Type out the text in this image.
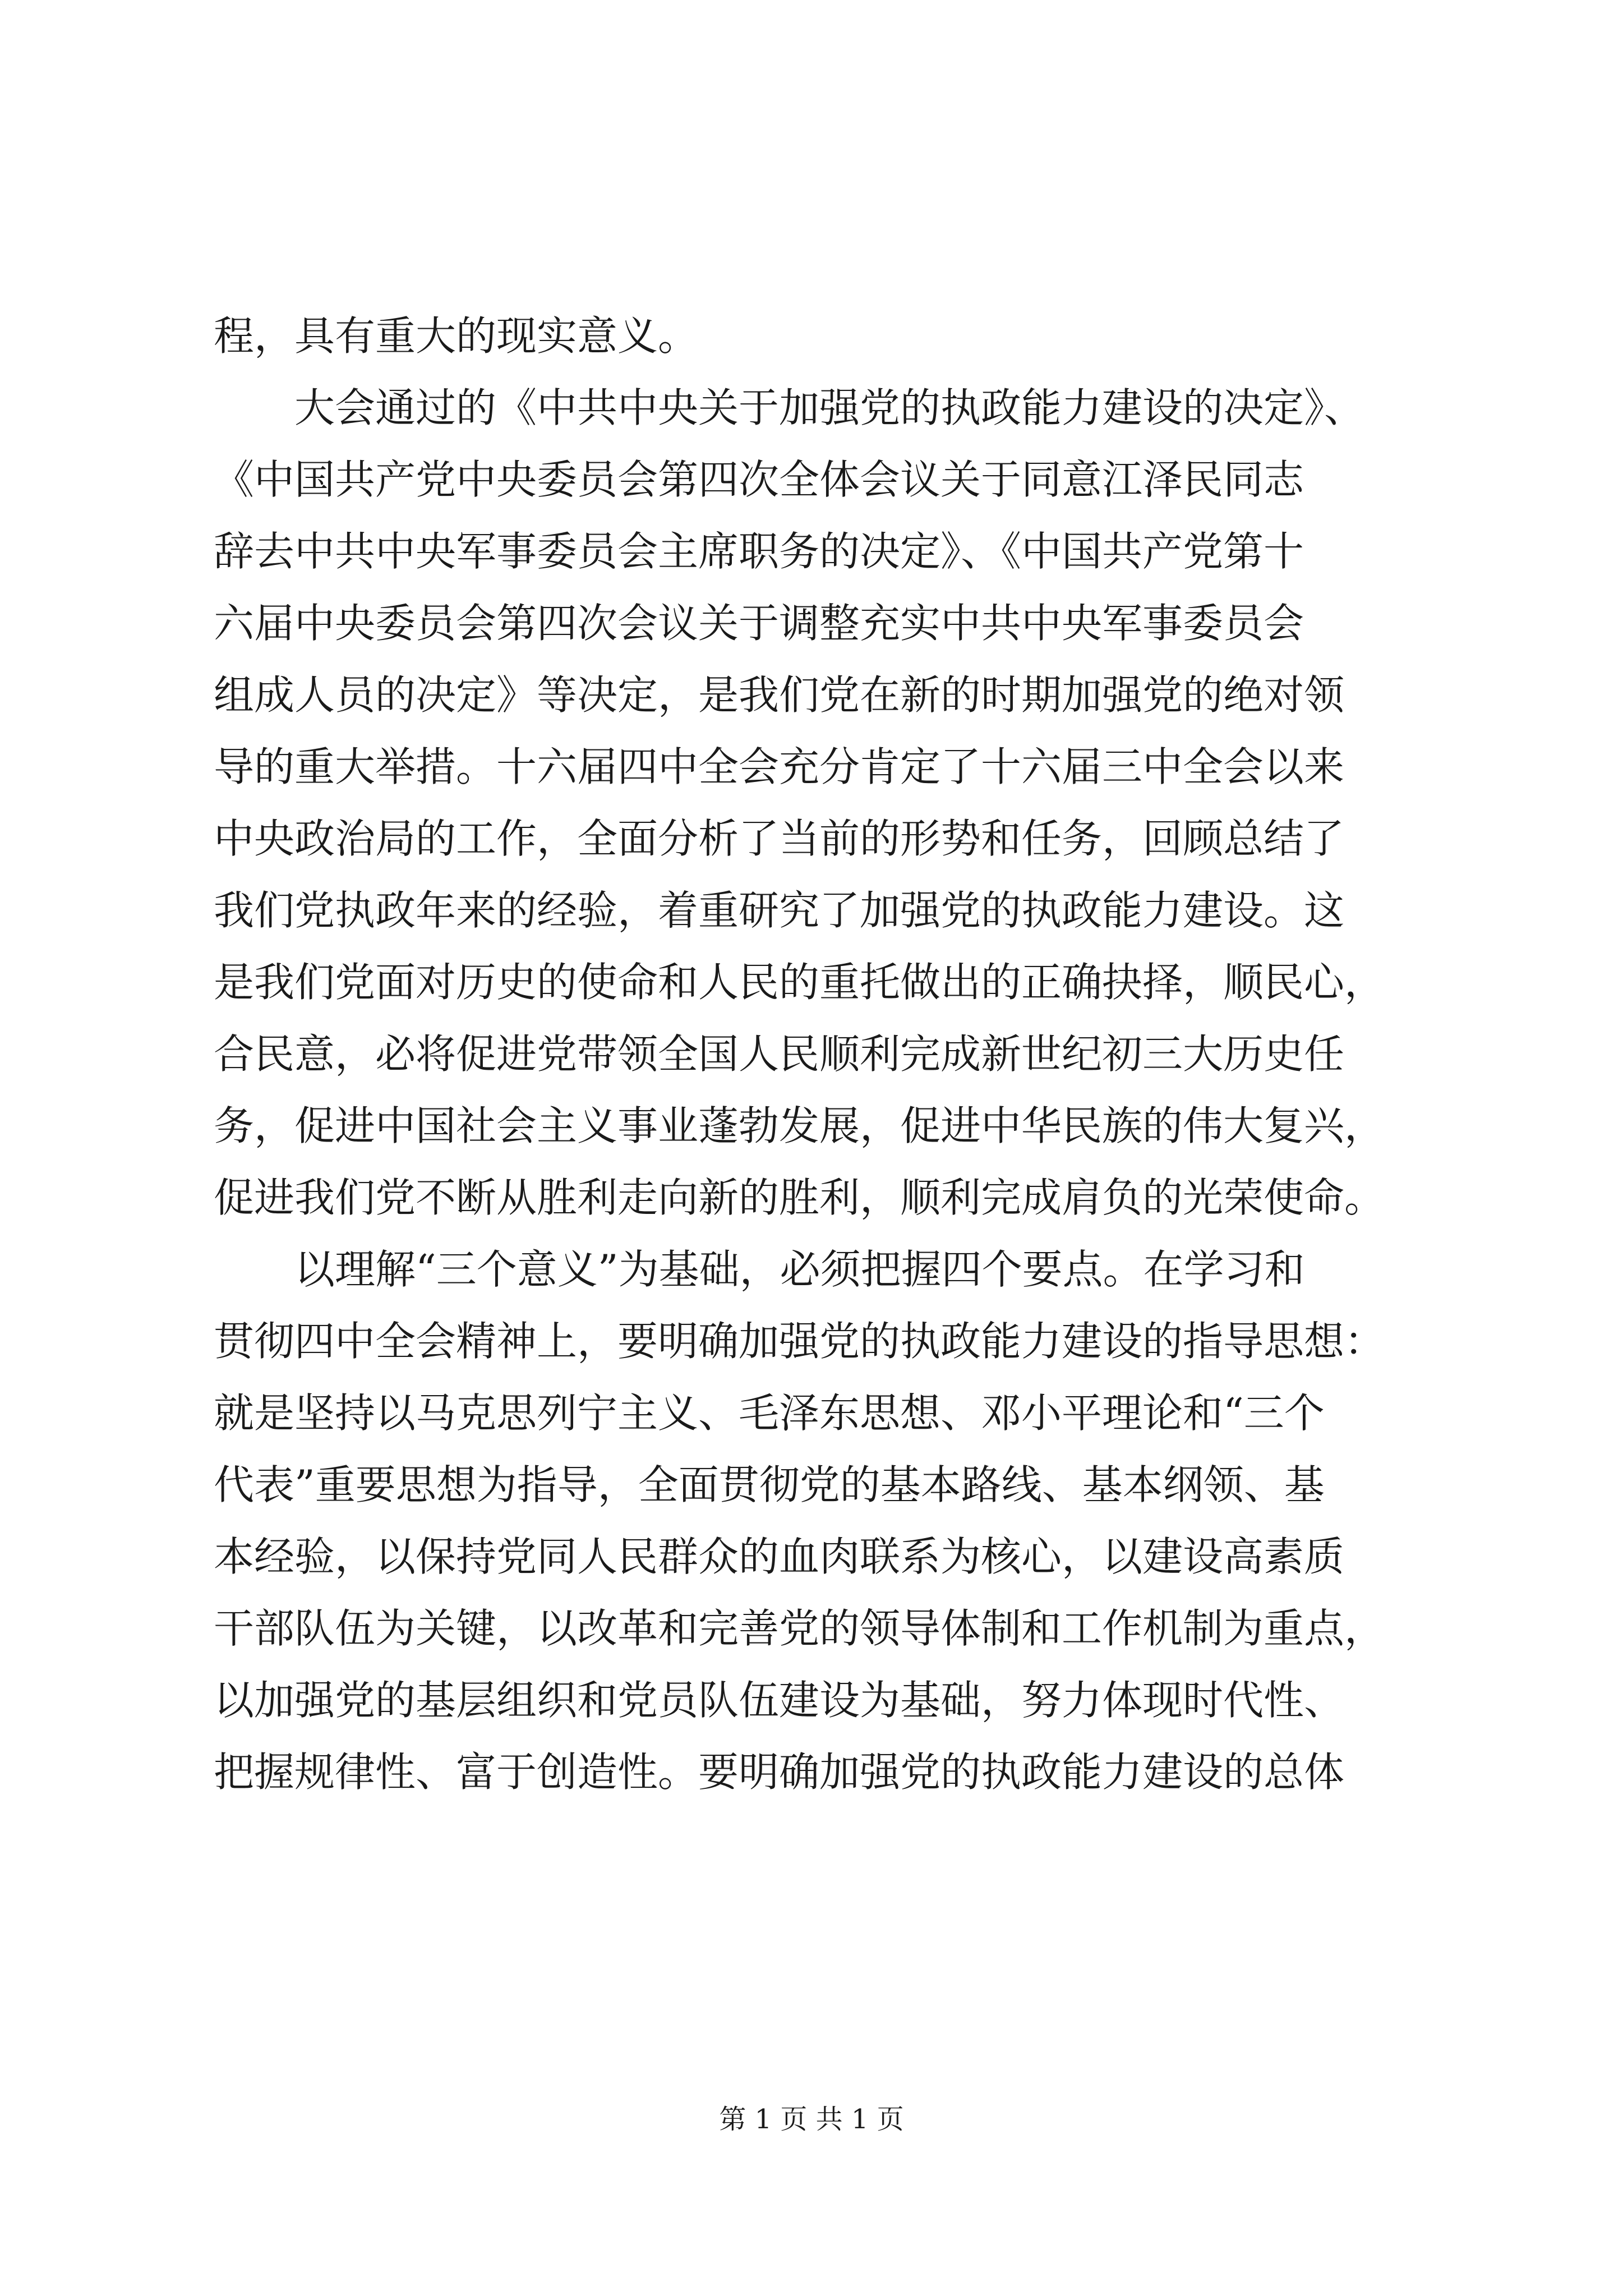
程，具有重大的现实意义。
大会通过的《中共中央关于加强党的执政能力建设的决定》、
《中国共产党中央委员会第四次全体会议关于同意江泽民同志
辞去中共中央军事委员会主席职务的决定》、《中国共产党第十
六届中央委员会第四次会议关于调整充实中共中央军事委员会
组成人员的决定》等决定，是我们党在新的时期加强党的绝对领
导的重大举措。十六届四中全会充分肯定了十六届三中全会以来
中央政治局的工作，全面分析了当前的形势和任务，回顾总结了
我们党执政年来的经验，着重研究了加强党的执政能力建设。这
是我们党面对历史的使命和人民的重托做出的正确抉择，顺民心，
合民意，必将促进党带领全国人民顺利完成新世纪初三大历史任
务，促进中国社会主义事业蓬勃发展，促进中华民族的伟大复兴，
促进我们党不断从胜利走向新的胜利，顺利完成肩负的光荣使命。
以理解“三个意义”为基础，必须把握四个要点。在学习和
贯彻四中全会精神上，要明确加强党的执政能力建设的指导思想：
就是坚持以马克思列宁主义、毛泽东思想、邓小平理论和“三个
代表”重要思想为指导，全面贯彻党的基本路线、基本纲领、基
本经验，以保持党同人民群众的血肉联系为核心，以建设高素质
干部队伍为关键，以改革和完善党的领导体制和工作机制为重点，
以加强党的基层组织和党员队伍建设为基础，努力体现时代性、
把握规律性、富于创造性。要明确加强党的执政能力建设的总体
第 1 页 共 1 页
